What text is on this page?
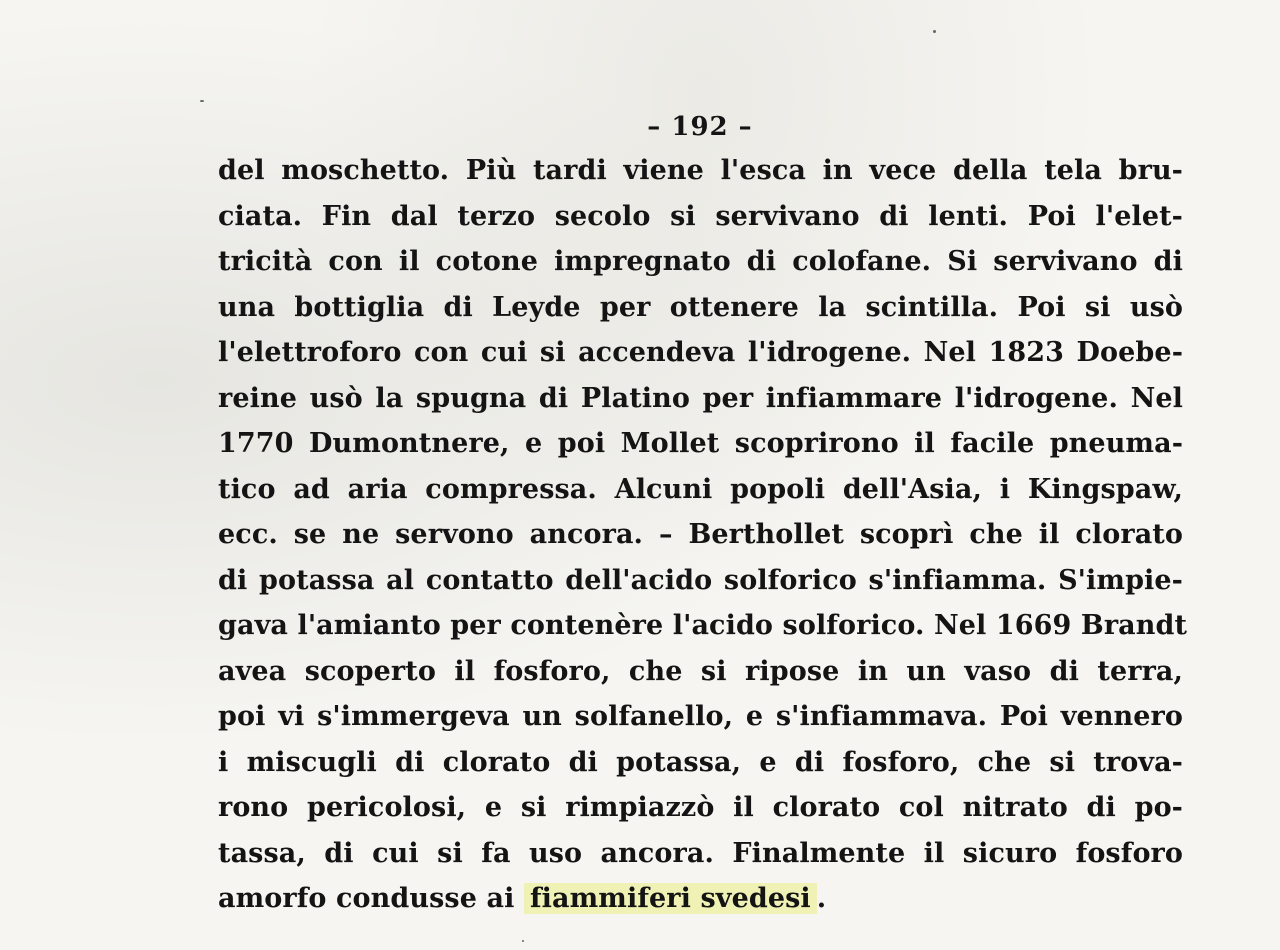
– 192 –
del moschetto. Più tardi viene l'esca in vece della tela bru-
ciata. Fin dal terzo secolo si servivano di lenti. Poi l'elet-
tricità con il cotone impregnato di colofane. Si servivano di
una bottiglia di Leyde per ottenere la scintilla. Poi si usò
l'elettroforo con cui si accendeva l'idrogene. Nel 1823 Doebe-
reine usò la spugna di Platino per infiammare l'idrogene. Nel
1770 Dumontnere, e poi Mollet scoprirono il facile pneuma-
tico ad aria compressa. Alcuni popoli dell'Asia, i Kingspaw,
ecc. se ne servono ancora. – Berthollet scoprì che il clorato
di potassa al contatto dell'acido solforico s'infiamma. S'impie-
gava l'amianto per contenère l'acido solforico. Nel 1669 Brandt
avea scoperto il fosforo, che si ripose in un vaso di terra,
poi vi s'immergeva un solfanello, e s'infiammava. Poi vennero
i miscugli di clorato di potassa, e di fosforo, che si trova-
rono pericolosi, e si rimpiazzò il clorato col nitrato di po-
tassa, di cui si fa uso ancora. Finalmente il sicuro fosforo
amorfo condusse ai fiammiferi svedesi .
